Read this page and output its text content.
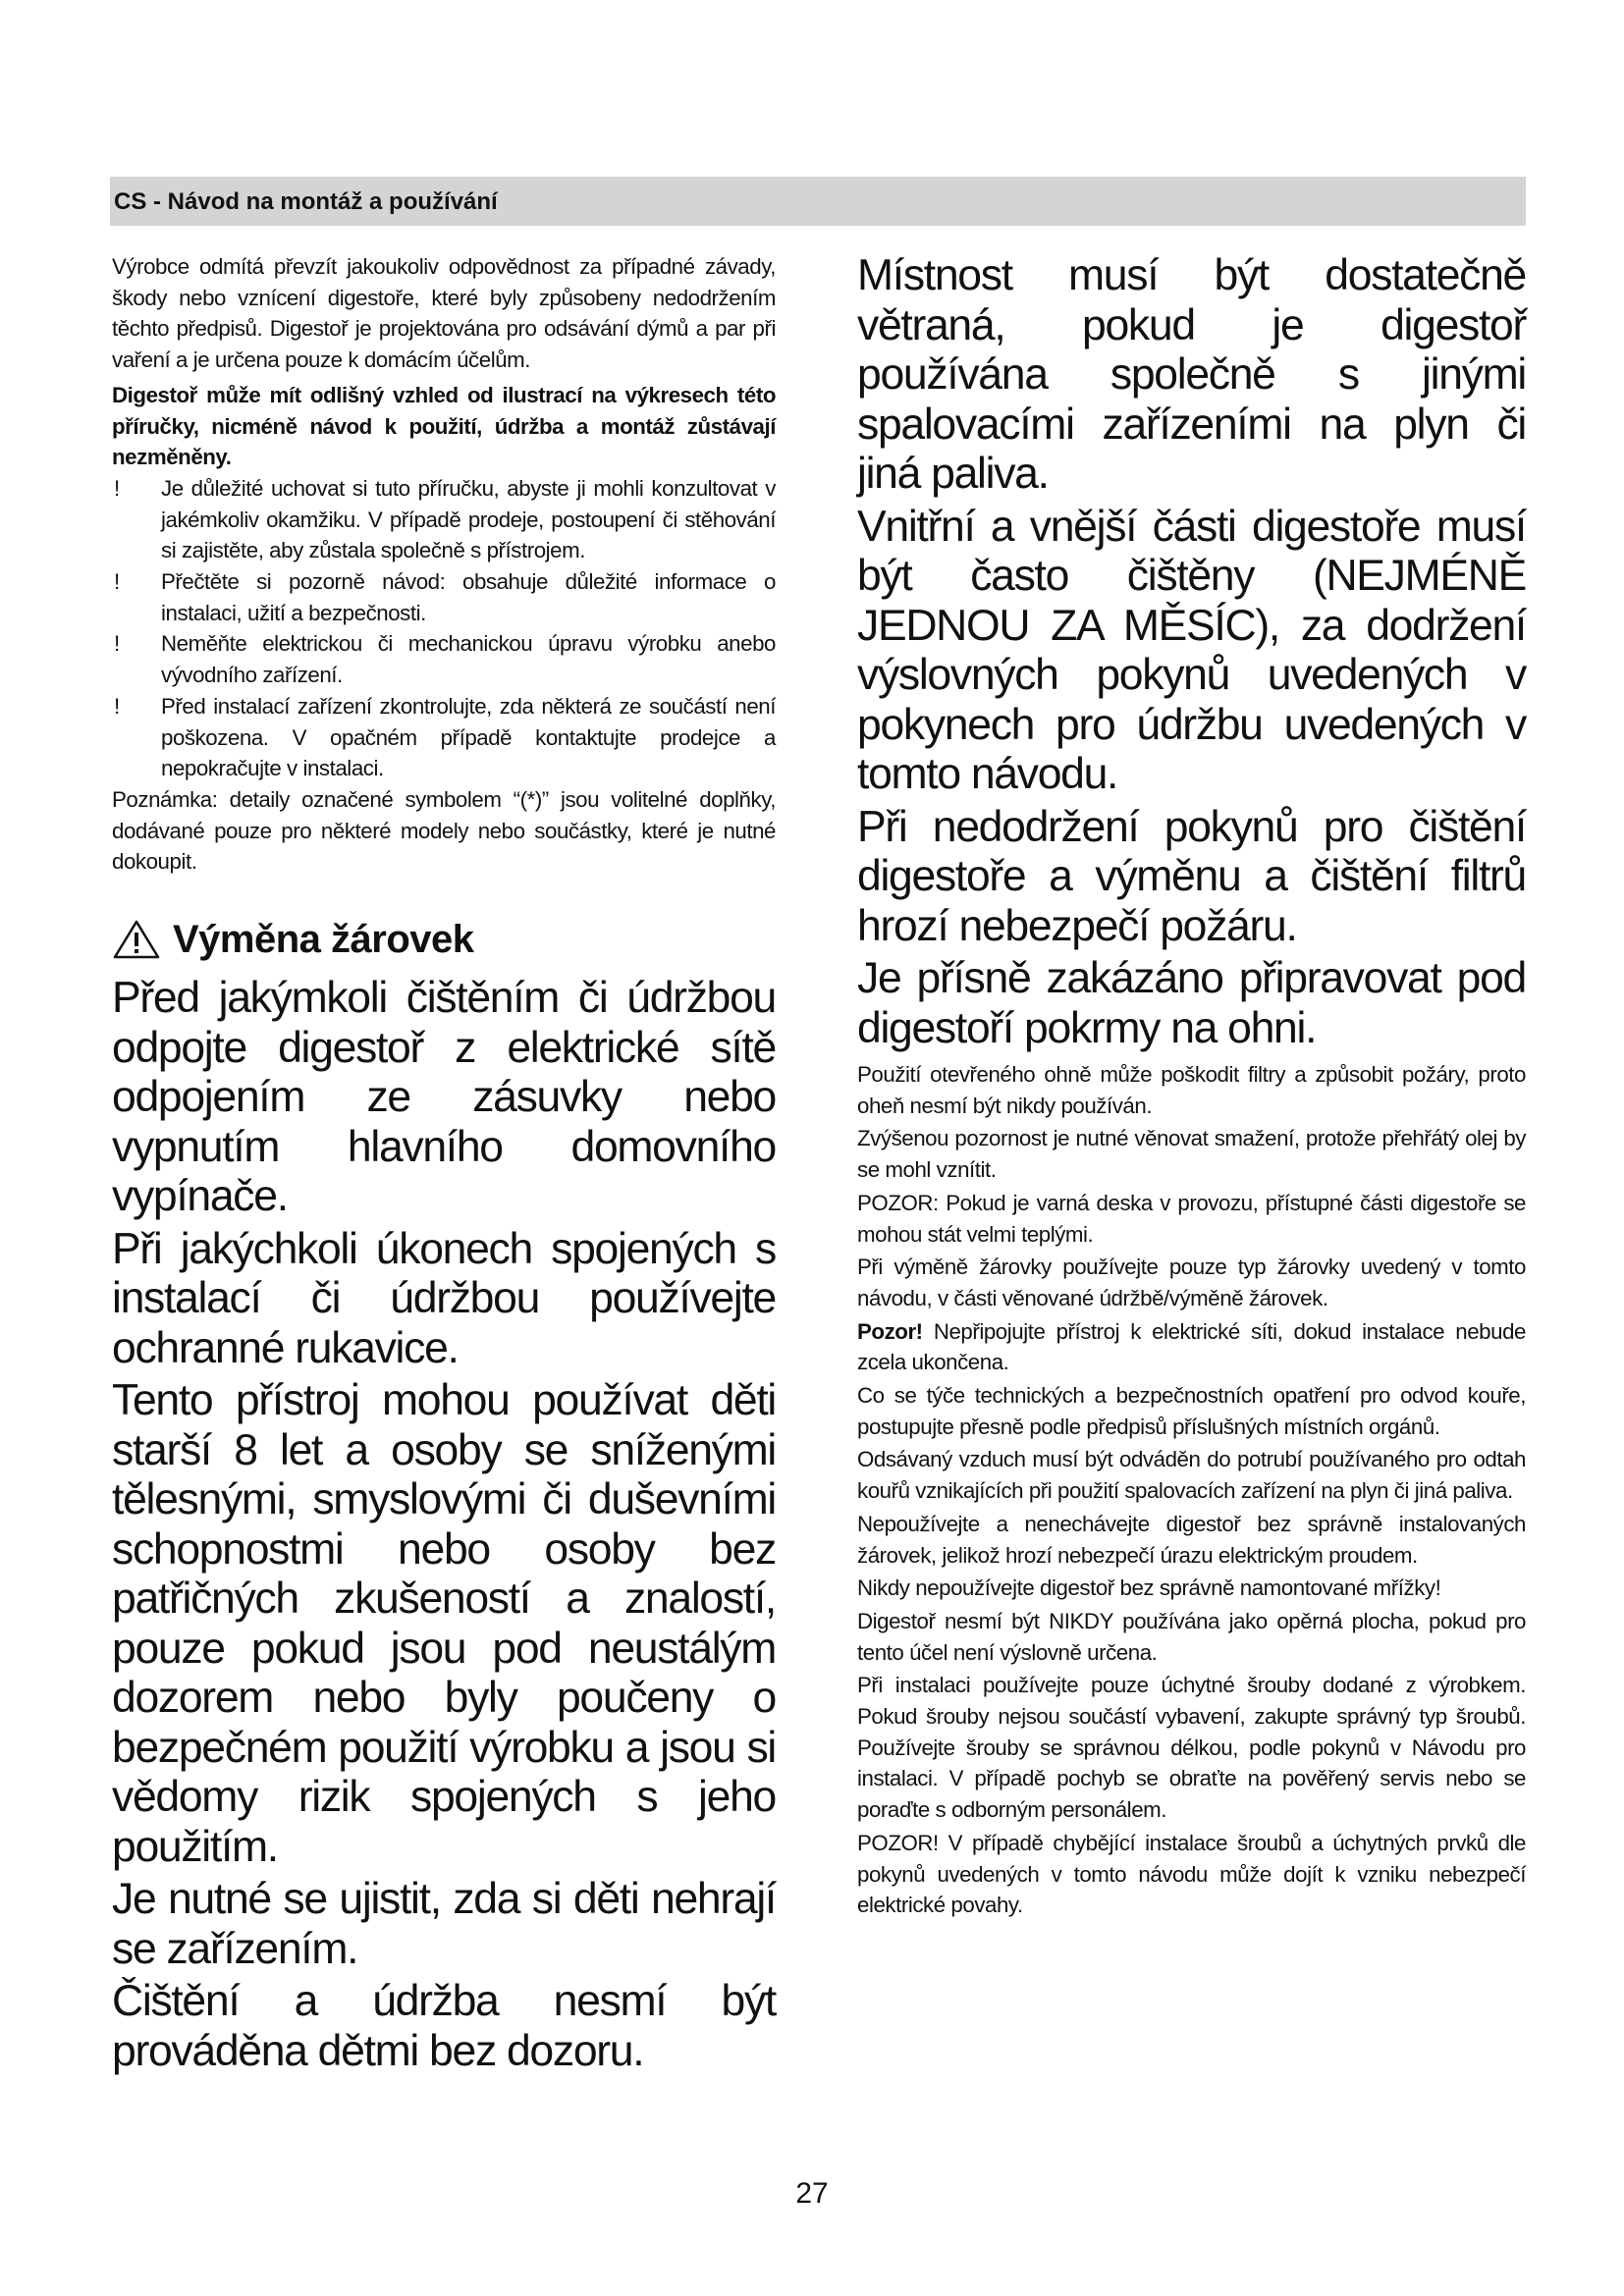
CS - Návod na montáž a používání

Výrobce odmítá převzít jakoukoliv odpovědnost za případné závady, škody nebo vznícení digestoře, které byly způsobeny nedodržením těchto předpisů. Digestoř je projektována pro odsávání dýmů a par při vaření a je určena pouze k domácím účelům.

Digestoř může mít odlišný vzhled od ilustrací na výkresech této příručky, nicméně návod k použití, údržba a montáž zůstávají nezměněny.

! Je důležité uchovat si tuto příručku, abyste ji mohli konzultovat v jakémkoliv okamžiku. V případě prodeje, postoupení či stěhování si zajistěte, aby zůstala společně s přístrojem.

! Přečtěte si pozorně návod: obsahuje důležité informace o instalaci, užití a bezpečnosti.

! Neměňte elektrickou či mechanickou úpravu výrobku anebo vývodního zařízení.

! Před instalací zařízení zkontrolujte, zda některá ze součástí není poškozena. V opačném případě kontaktujte prodejce a nepokračujte v instalaci.

Poznámka: detaily označené symbolem “(*)” jsou volitelné doplňky, dodávané pouze pro některé modely nebo součástky, které je nutné dokoupit.

Výměna žárovek

Před jakýmkoli čištěním či údržbou odpojte digestoř z elektrické sítě odpojením ze zásuvky nebo vypnutím hlavního domovního vypínače.

Při jakýchkoli úkonech spojených s instalací či údržbou používejte ochranné rukavice.

Tento přístroj mohou používat děti starší 8 let a osoby se sníženými tělesnými, smyslovými či duševními schopnostmi nebo osoby bez patřičných zkušeností a znalostí, pouze pokud jsou pod neustálým dozorem nebo byly poučeny o bezpečném použití výrobku a jsou si vědomy rizik spojených s jeho použitím.

Je nutné se ujistit, zda si děti nehrají se zařízením.

Čištění a údržba nesmí být prováděna dětmi bez dozoru.

Místnost musí být dostatečně větraná, pokud je digestoř používána společně s jinými spalovacími zařízeními na plyn či jiná paliva.

Vnitřní a vnější části digestoře musí být často čištěny (NEJMÉNĚ JEDNOU ZA MĚSÍC), za dodržení výslovných pokynů uvedených v pokynech pro údržbu uvedených v tomto návodu.

Při nedodržení pokynů pro čištění digestoře a výměnu a čištění filtrů hrozí nebezpečí požáru.

Je přísně zakázáno připravovat pod digestoří pokrmy na ohni.

Použití otevřeného ohně může poškodit filtry a způsobit požáry, proto oheň nesmí být nikdy používán.

Zvýšenou pozornost je nutné věnovat smažení, protože přehřátý olej by se mohl vznítit.

POZOR: Pokud je varná deska v provozu, přístupné části digestoře se mohou stát velmi teplými.

Při výměně žárovky používejte pouze typ žárovky uvedený v tomto návodu, v části věnované údržbě/výměně žárovek.

Pozor! Nepřipojujte přístroj k elektrické síti, dokud instalace nebude zcela ukončena.

Co se týče technických a bezpečnostních opatření pro odvod kouře, postupujte přesně podle předpisů příslušných místních orgánů.

Odsávaný vzduch musí být odváděn do potrubí používaného pro odtah kouřů vznikajících při použití spalovacích zařízení na plyn či jiná paliva.

Nepoužívejte a nenechávejte digestoř bez správně instalovaných žárovek, jelikož hrozí nebezpečí úrazu elektrickým proudem.

Nikdy nepoužívejte digestoř bez správně namontované mřížky!

Digestoř nesmí být NIKDY používána jako opěrná plocha, pokud pro tento účel není výslovně určena.

Při instalaci používejte pouze úchytné šrouby dodané z výrobkem. Pokud šrouby nejsou součástí vybavení, zakupte správný typ šroubů. Používejte šrouby se správnou délkou, podle pokynů v Návodu pro instalaci. V případě pochyb se obraťte na pověřený servis nebo se poraďte s odborným personálem.

POZOR! V případě chybějící instalace šroubů a úchytných prvků dle pokynů uvedených v tomto návodu může dojít k vzniku nebezpečí elektrické povahy.

27
